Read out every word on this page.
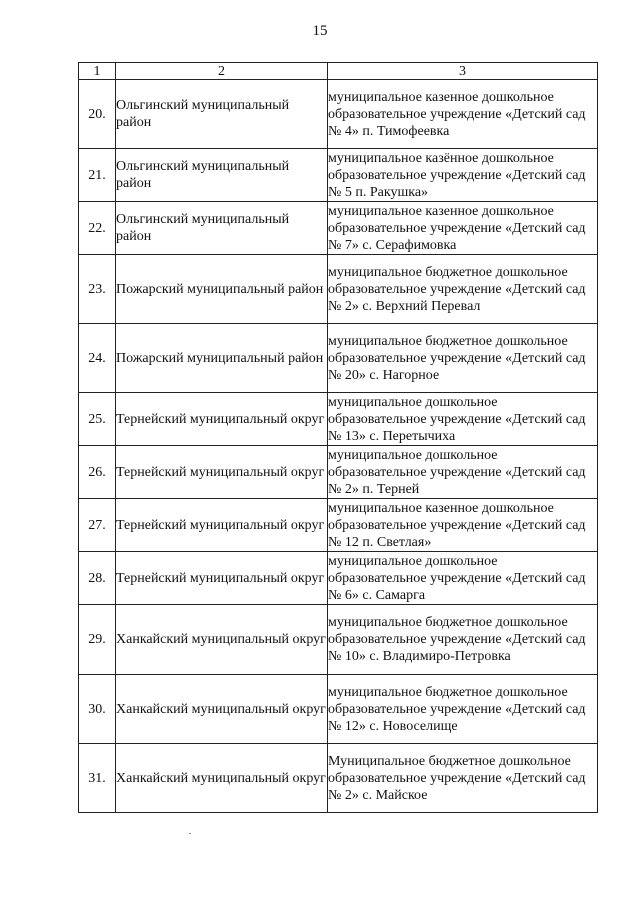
15
1	2	3
20.	Ольгинский муниципальный район	муниципальное казенное дошкольное образовательное учреждение «Детский сад № 4» п. Тимофеевка
21.	Ольгинский муниципальный район	муниципальное казённое дошкольное образовательное учреждение «Детский сад № 5 п. Ракушка»
22.	Ольгинский муниципальный район	муниципальное казенное дошкольное образовательное учреждение «Детский сад № 7» с. Серафимовка
23.	Пожарский муниципальный район	муниципальное бюджетное дошкольное образовательное учреждение «Детский сад № 2» с. Верхний Перевал
24.	Пожарский муниципальный район	муниципальное бюджетное дошкольное образовательное учреждение «Детский сад № 20» с. Нагорное
25.	Тернейский муниципальный округ	муниципальное дошкольное образовательное учреждение «Детский сад № 13» с. Перетычиха
26.	Тернейский муниципальный округ	муниципальное дошкольное образовательное учреждение «Детский сад № 2» п. Терней
27.	Тернейский муниципальный округ	муниципальное казенное дошкольное образовательное учреждение «Детский сад № 12 п. Светлая»
28.	Тернейский муниципальный округ	муниципальное дошкольное образовательное учреждение «Детский сад № 6» с. Самарга
29.	Ханкайский муниципальный округ	муниципальное бюджетное дошкольное образовательное учреждение «Детский сад № 10» с. Владимиро-Петровка
30.	Ханкайский муниципальный округ	муниципальное бюджетное дошкольное образовательное учреждение «Детский сад № 12» с. Новоселище
31.	Ханкайский муниципальный округ	Муниципальное бюджетное дошкольное образовательное учреждение «Детский сад № 2» с. Майское
